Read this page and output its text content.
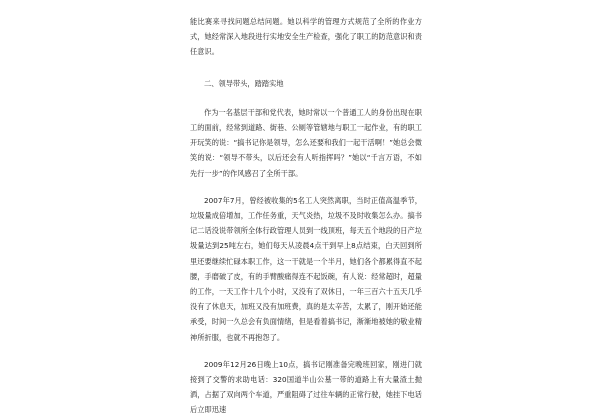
能比赛来寻找问题总结问题。她以科学的管理方式规范了全所的作业方式，她经常深入地段进行实地安全生产检查，强化了职工的防范意识和责任意识。

二、领导带头，踏踏实地

作为一名基层干部和党代表，她时常以一个普通工人的身份出现在职工的面前，经常到道路、街巷、公厕等管辖地与职工一起作业，有的职工开玩笑的说：“搞书记你是领导，怎么还要和我们一起干活啊！”她总会微笑的说：“领导不带头，以后还会有人听指挥吗？”她以“千言万语，不如先行一步”的作风感召了全所干部。

2007年7月，曾经被收集的5名工人突然离职，当时正值高温季节，垃圾量成倍增加，工作任务重，天气炎热，垃圾不及时收集怎么办。搞书记二话没说带领所全体行政管理人员到一线顶班，每天五个地段的日产垃圾量达到25吨左右，她们每天从凌晨4点干到早上8点结束，白天回到所里还要继续忙碌本职工作，这一干就是一个半月，她们各个都累得直不起腰，手磨破了皮，有的手臂酸痛得连不起饭碗，有人说：经常超时，超量的工作，一天工作十几个小时，又没有了双休日，一年三百六十五天几乎没有了休息天，加班又没有加班费，真的是太辛苦，太累了，刚开始还能承受，时间一久总会有负面情绪，但是看着搞书记，渐渐地被她的敬业精神所折服，也就不再抱怨了。

2009年12月26日晚上10点，搞书记刚准备完晚班回家，刚进门就接到了交警的求助电话：320国道半山公墓一带的道路上有大量渣土抛洒，占据了双向两个车道，严重阻碍了过往车辆的正常行驶，她挂下电话后立即迅速
